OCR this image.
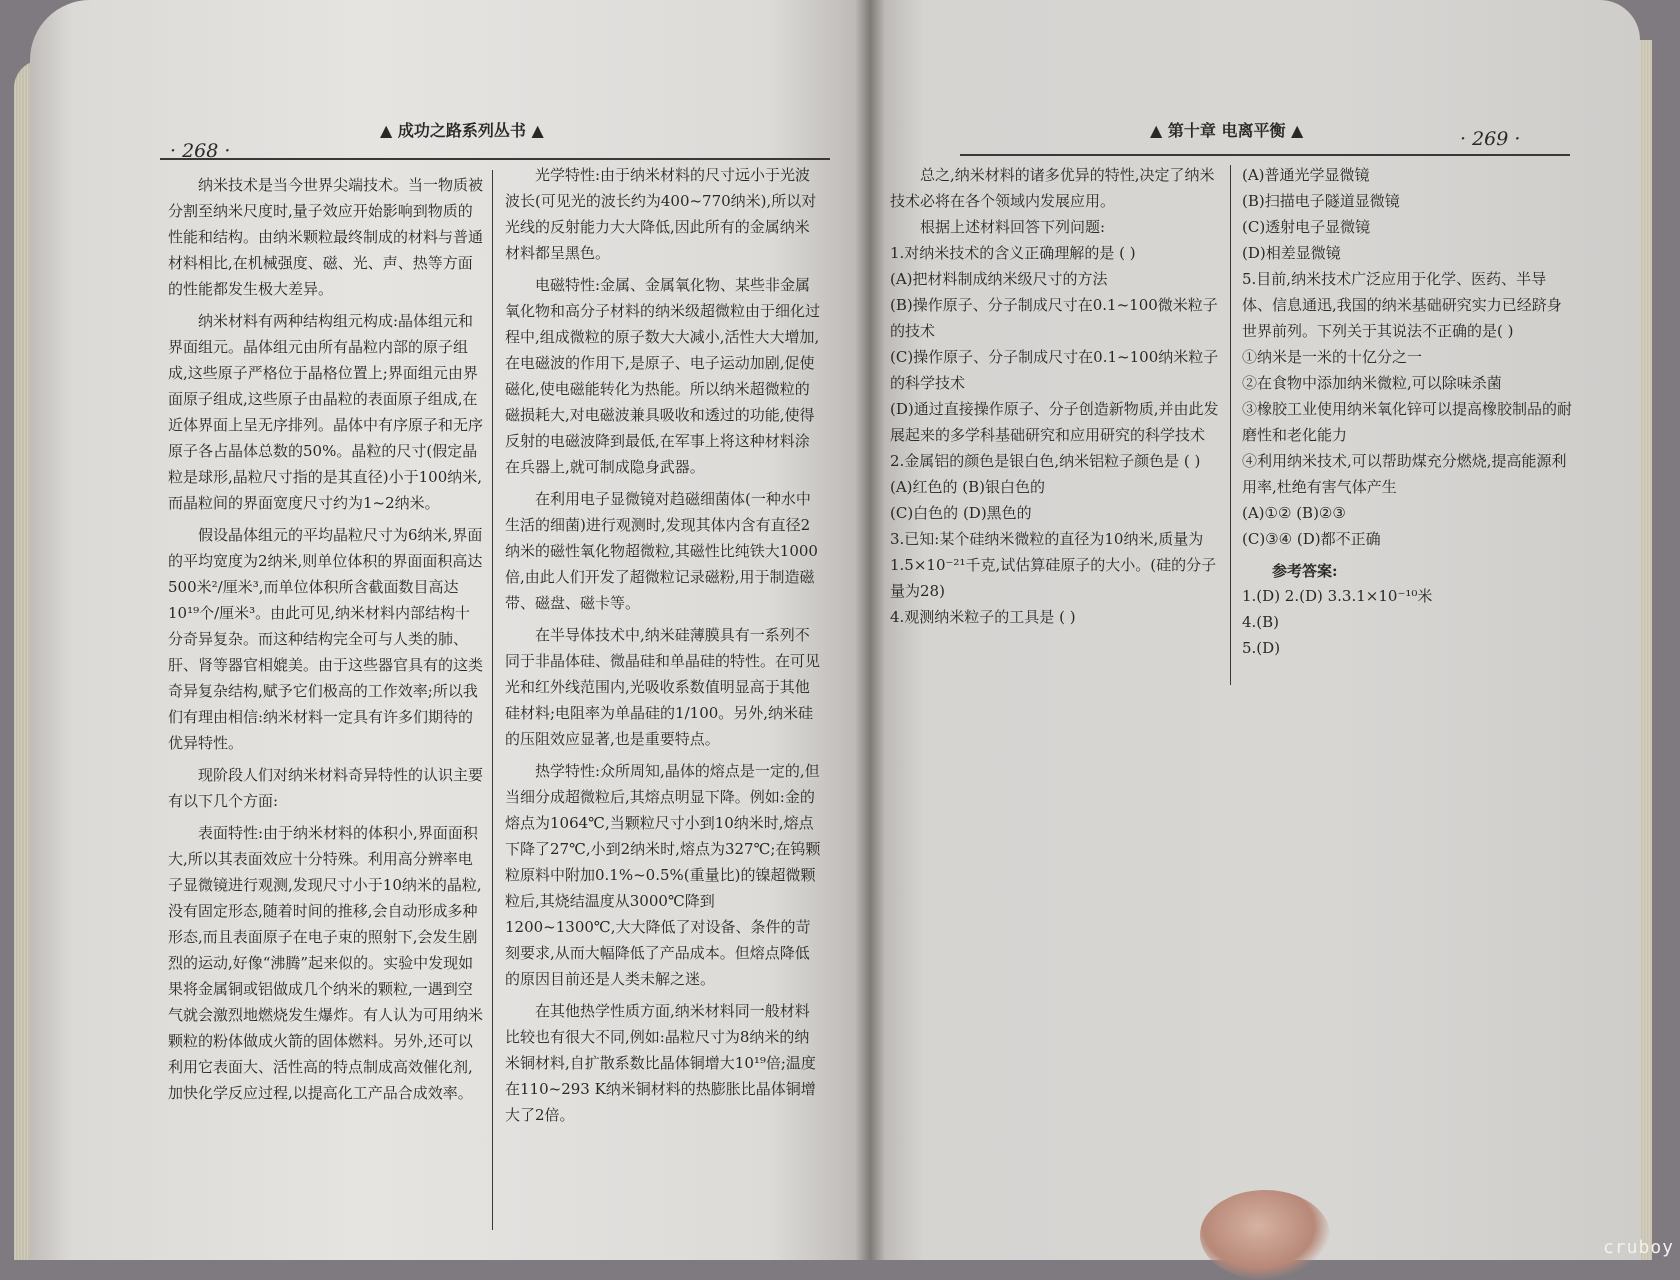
· 268 ·
▲ 成功之路系列丛书 ▲

纳米技术是当今世界尖端技术。当一物质被分割至纳米尺度时,量子效应开始影响到物质的性能和结构。由纳米颗粒最终制成的材料与普通材料相比,在机械强度、磁、光、声、热等方面的性能都发生极大差异。

纳米材料有两种结构组元构成:晶体组元和界面组元。晶体组元由所有晶粒内部的原子组成,这些原子严格位于晶格位置上;界面组元由界面原子组成,这些原子由晶粒的表面原子组成,在近体界面上呈无序排列。晶体中有序原子和无序原子各占晶体总数的50%。晶粒的尺寸(假定晶粒是球形,晶粒尺寸指的是其直径)小于100纳米,而晶粒间的界面宽度尺寸约为1~2纳米。

假设晶体组元的平均晶粒尺寸为6纳米,界面的平均宽度为2纳米,则单位体积的界面面积高达500米²/厘米³,而单位体积所含截面数目高达10¹⁹个/厘米³。由此可见,纳米材料内部结构十分奇异复杂。而这种结构完全可与人类的肺、肝、肾等器官相媲美。由于这些器官具有的这类奇异复杂结构,赋予它们极高的工作效率;所以我们有理由相信:纳米材料一定具有许多们期待的优异特性。

现阶段人们对纳米材料奇异特性的认识主要有以下几个方面:

表面特性:由于纳米材料的体积小,界面面积大,所以其表面效应十分特殊。利用高分辨率电子显微镜进行观测,发现尺寸小于10纳米的晶粒,没有固定形态,随着时间的推移,会自动形成多种形态,而且表面原子在电子束的照射下,会发生剧烈的运动,好像“沸腾”起来似的。实验中发现如果将金属铜或铝做成几个纳米的颗粒,一遇到空气就会激烈地燃烧发生爆炸。有人认为可用纳米颗粒的粉体做成火箭的固体燃料。另外,还可以利用它表面大、活性高的特点制成高效催化剂,加快化学反应过程,以提高化工产品合成效率。

光学特性:由于纳米材料的尺寸远小于光波波长(可见光的波长约为400~770纳米),所以对光线的反射能力大大降低,因此所有的金属纳米材料都呈黑色。

电磁特性:金属、金属氧化物、某些非金属氧化物和高分子材料的纳米级超微粒由于细化过程中,组成微粒的原子数大大减小,活性大大增加,在电磁波的作用下,是原子、电子运动加剧,促使磁化,使电磁能转化为热能。所以纳米超微粒的磁损耗大,对电磁波兼具吸收和透过的功能,使得反射的电磁波降到最低,在军事上将这种材料涂在兵器上,就可制成隐身武器。

在利用电子显微镜对趋磁细菌体(一种水中生活的细菌)进行观测时,发现其体内含有直径2纳米的磁性氧化物超微粒,其磁性比纯铁大1000倍,由此人们开发了超微粒记录磁粉,用于制造磁带、磁盘、磁卡等。

在半导体技术中,纳米硅薄膜具有一系列不同于非晶体硅、微晶硅和单晶硅的特性。在可见光和红外线范围内,光吸收系数值明显高于其他硅材料;电阻率为单晶硅的1/100。另外,纳米硅的压阻效应显著,也是重要特点。

热学特性:众所周知,晶体的熔点是一定的,但当细分成超微粒后,其熔点明显下降。例如:金的熔点为1064℃,当颗粒尺寸小到10纳米时,熔点下降了27℃,小到2纳米时,熔点为327℃;在钨颗粒原料中附加0.1%~0.5%(重量比)的镍超微颗粒后,其烧结温度从3000℃降到1200~1300℃,大大降低了对设备、条件的苛刻要求,从而大幅降低了产品成本。但熔点降低的原因目前还是人类未解之迷。

在其他热学性质方面,纳米材料同一般材料比较也有很大不同,例如:晶粒尺寸为8纳米的纳米铜材料,自扩散系数比晶体铜增大10¹⁹倍;温度在110~293 K纳米铜材料的热膨胀比晶体铜增大了2倍。

▲ 第十章 电离平衡 ▲	· 269 ·

总之,纳米材料的诸多优异的特性,决定了纳米技术必将在各个领域内发展应用。

根据上述材料回答下列问题:

1.对纳米技术的含义正确理解的是 ( )

(A)把材料制成纳米级尺寸的方法

(B)操作原子、分子制成尺寸在0.1~100微米粒子的技术

(C)操作原子、分子制成尺寸在0.1~100纳米粒子的科学技术

(D)通过直接操作原子、分子创造新物质,并由此发展起来的多学科基础研究和应用研究的科学技术

2.金属铝的颜色是银白色,纳米铝粒子颜色是 ( )

(A)红色的 (B)银白色的

(C)白色的 (D)黑色的

3.已知:某个硅纳米微粒的直径为10纳米,质量为1.5×10⁻²¹千克,试估算硅原子的大小。(硅的分子量为28)

4.观测纳米粒子的工具是 ( )

(A)普通光学显微镜

(B)扫描电子隧道显微镜

(C)透射电子显微镜

(D)相差显微镜

5.目前,纳米技术广泛应用于化学、医药、半导体、信息通迅,我国的纳米基础研究实力已经跻身世界前列。下列关于其说法不正确的是( )

①纳米是一米的十亿分之一

②在食物中添加纳米微粒,可以除味杀菌

③橡胶工业使用纳米氧化锌可以提高橡胶制品的耐磨性和老化能力

④利用纳米技术,可以帮助煤充分燃烧,提高能源利用率,杜绝有害气体产生

(A)①② (B)②③

(C)③④ (D)都不正确

参考答案:

1.(D) 2.(D) 3.3.1×10⁻¹⁰米

4.(B)

5.(D)

cruboy
